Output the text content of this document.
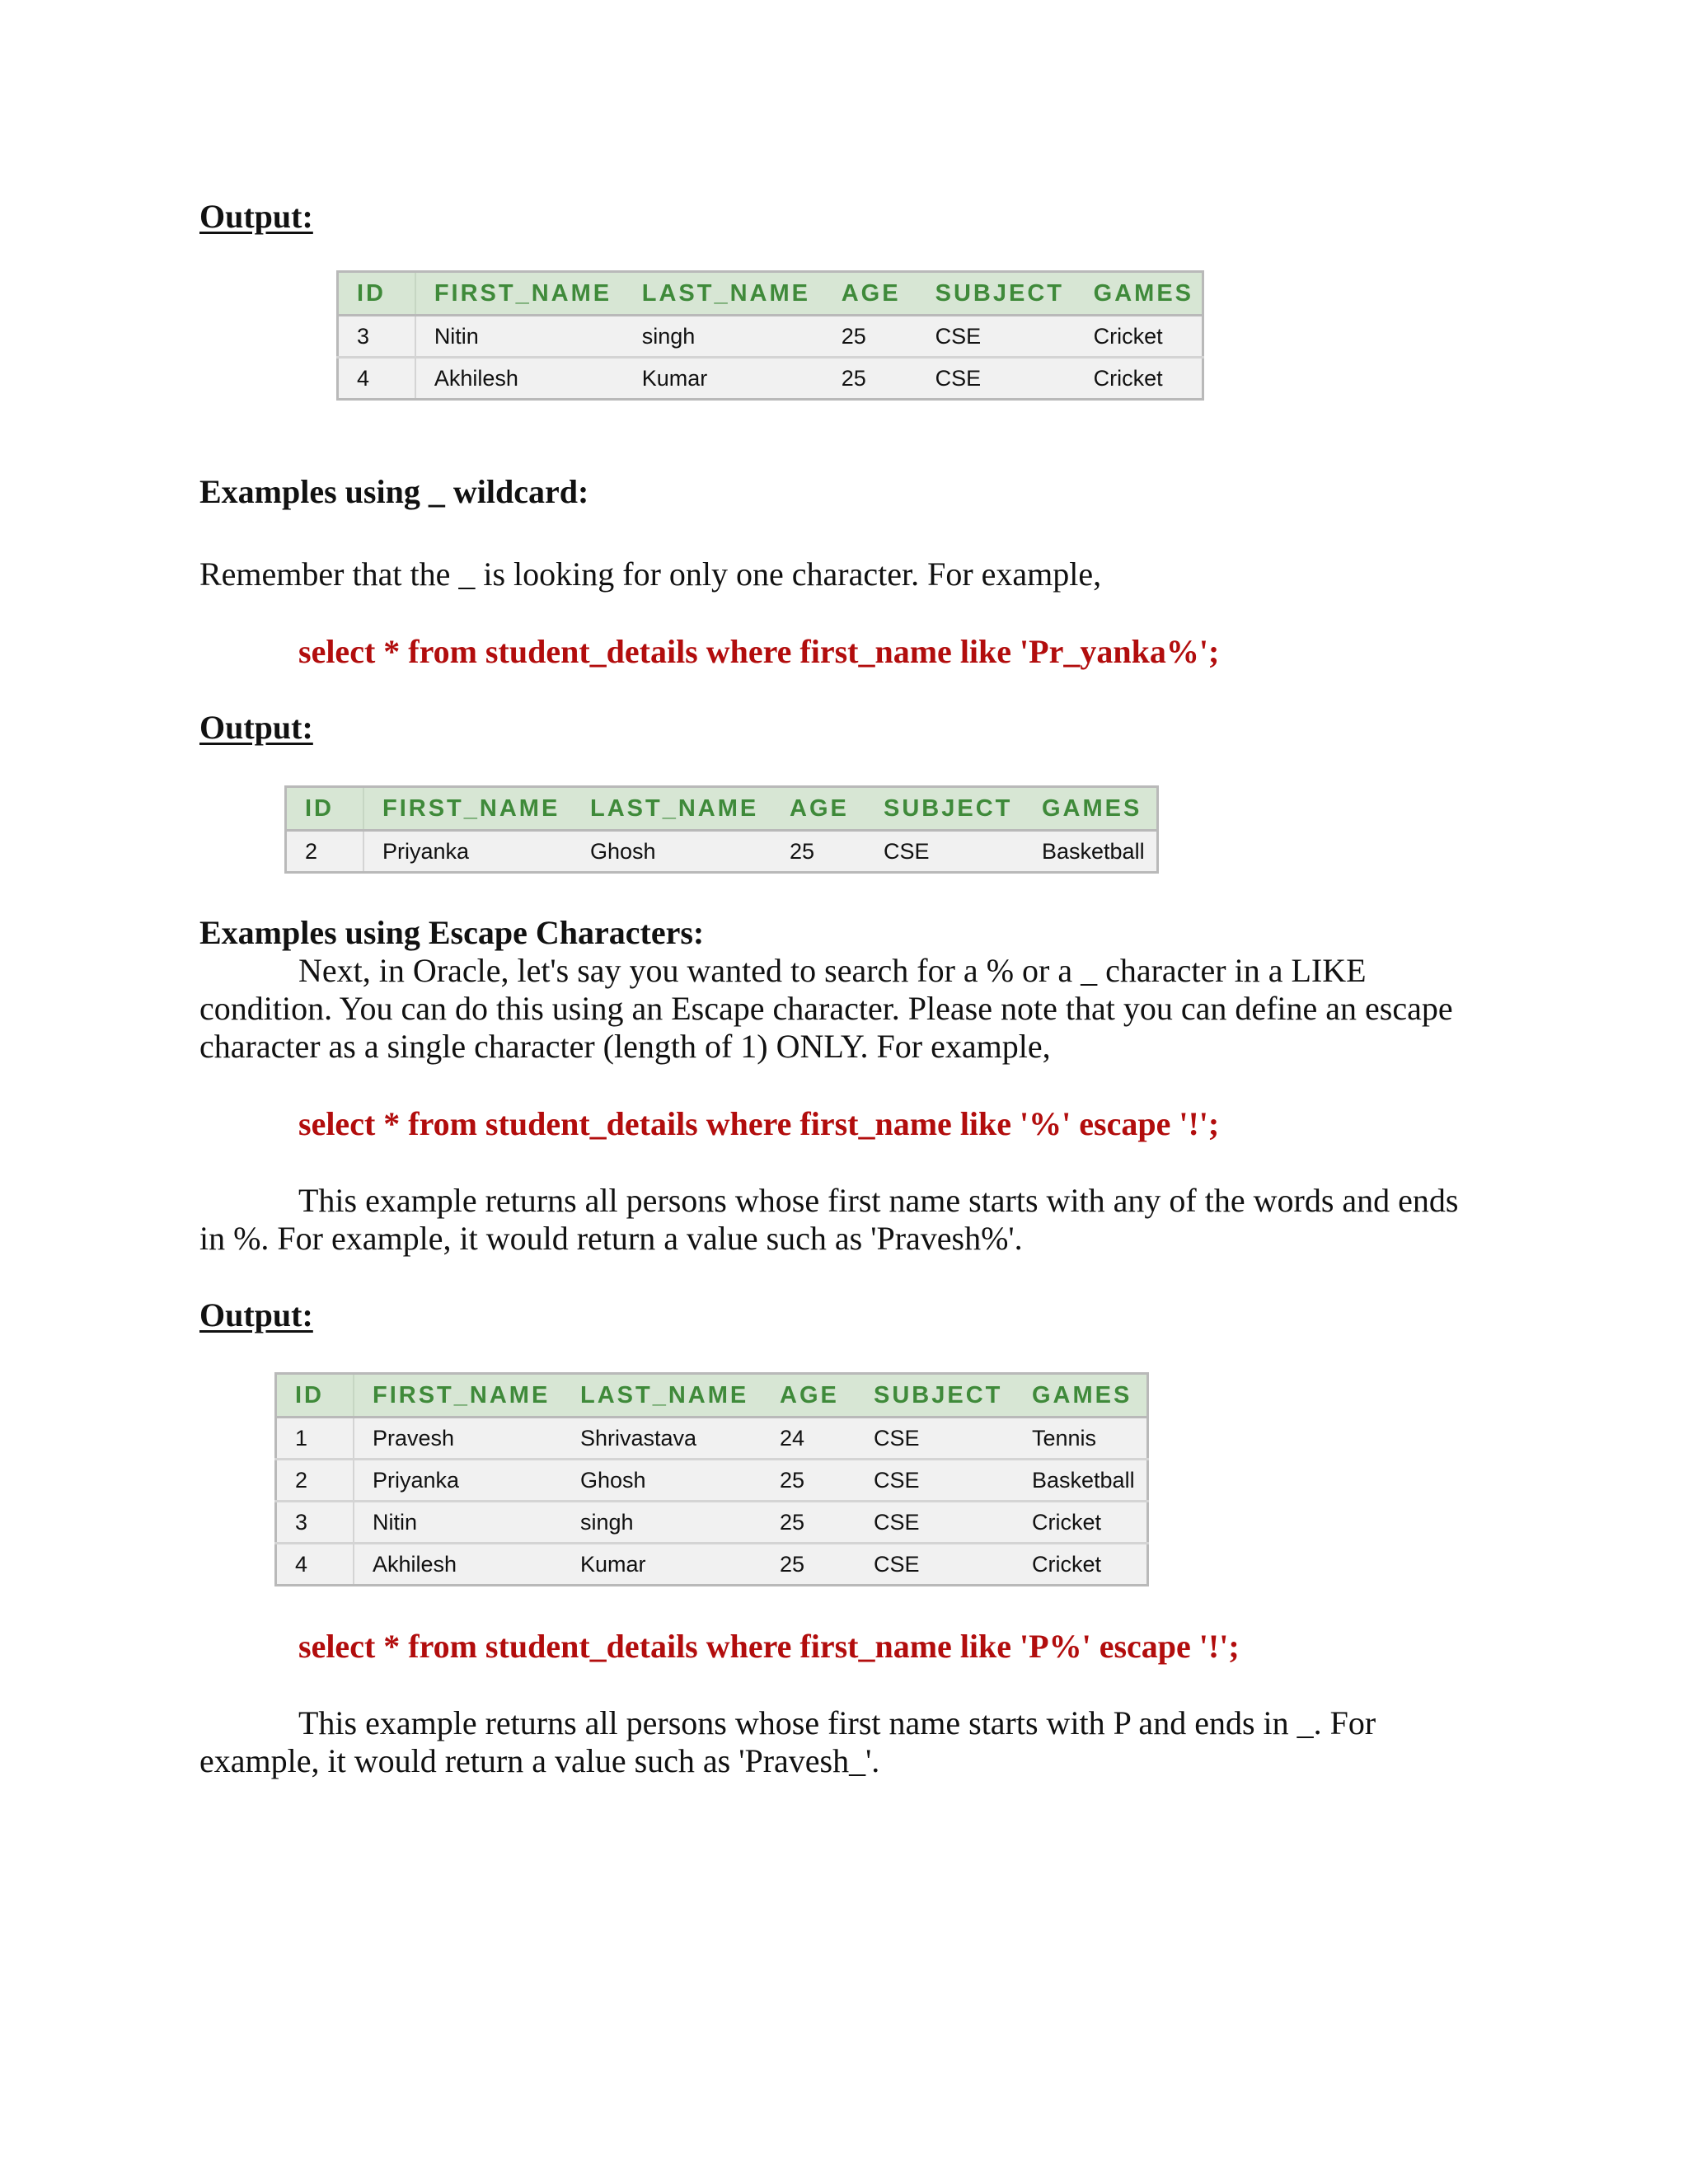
Output:
ID	FIRST_NAME	LAST_NAME	AGE	SUBJECT	GAMES
3	Nitin	singh	25	CSE	Cricket
4	Akhilesh	Kumar	25	CSE	Cricket
Examples using _ wildcard:
Remember that the _ is looking for only one character. For example,
select * from student_details where first_name like 'Pr_yanka%';
Output:
ID	FIRST_NAME	LAST_NAME	AGE	SUBJECT	GAMES
2	Priyanka	Ghosh	25	CSE	Basketball
Examples using Escape Characters:
Next, in Oracle, let's say you wanted to search for a % or a _ character in a LIKE
condition. You can do this using an Escape character. Please note that you can define an escape
character as a single character (length of 1) ONLY. For example,
select * from student_details where first_name like '%' escape '!';
This example returns all persons whose first name starts with any of the words and ends
in %. For example, it would return a value such as 'Pravesh%'.
Output:
ID	FIRST_NAME	LAST_NAME	AGE	SUBJECT	GAMES
1	Pravesh	Shrivastava	24	CSE	Tennis
2	Priyanka	Ghosh	25	CSE	Basketball
3	Nitin	singh	25	CSE	Cricket
4	Akhilesh	Kumar	25	CSE	Cricket
select * from student_details where first_name like 'P%' escape '!';
This example returns all persons whose first name starts with P and ends in _. For
example, it would return a value such as 'Pravesh_'.
